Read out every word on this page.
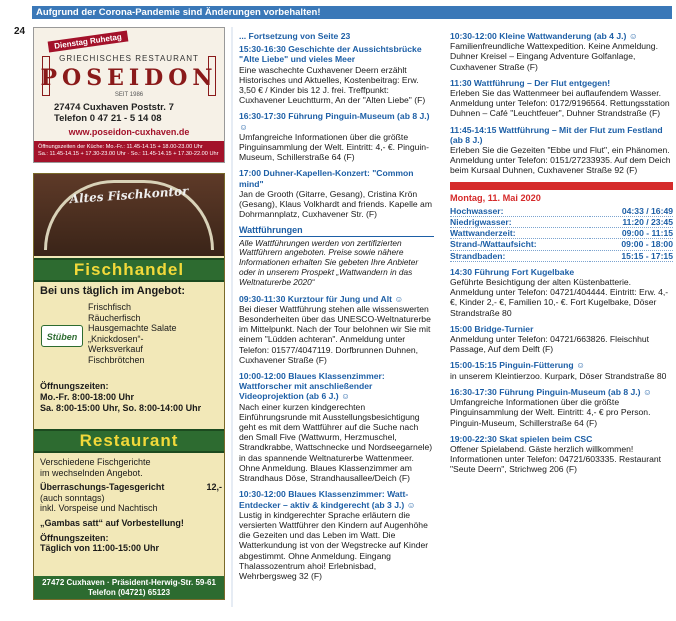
Aufgrund der Corona-Pandemie sind Änderungen vorbehalten!
24
Dienstag Ruhetag
GRIECHISCHES RESTAURANT
POSEIDON
SEIT 1986
27474 Cuxhaven Poststr. 7
Telefon 0 47 21 - 5 14 08
www.poseidon-cuxhaven.de
Öffnungszeiten der Küche: Mo.-Fr.: 11.45-14.15 + 18.00-23.00 Uhr
Sa.: 11.45-14.15 + 17.30-23.00 Uhr · So.: 11.45-14.15 + 17.30-22.00 Uhr
Altes Fischkontor
Fischhandel
Bei uns täglich im Angebot:
Stüben
Frischfisch
Räucherfisch
Hausgemachte Salate
„Knickdosen“-
Werksverkauf
Fischbrötchen
Öffnungszeiten:
Mo.-Fr. 8:00-18:00 Uhr
Sa. 8:00-15:00 Uhr, So. 8:00-14:00 Uhr
Restaurant
Verschiedene Fischgerichte
im wechselnden Angebot.
Überraschungs-Tagesgericht	12,-
(auch sonntags)
inkl. Vorspeise und Nachtisch
„Gambas satt“ auf Vorbestellung!
Öffnungszeiten:
Täglich von 11:00-15:00 Uhr
27472 Cuxhaven · Präsident-Herwig-Str. 59-61
Telefon (04721) 65123
... Fortsetzung von Seite 23
15:30-16:30 Geschichte der Aussichtsbrücke "Alte Liebe" und vieles Meer
Eine waschechte Cuxhavener Deern erzählt Historisches und Aktuelles, Kostenbeitrag: Erw. 3,50 € / Kinder bis 12 J. frei. Treffpunkt: Cuxhavener Leuchtturm, An der "Alten Liebe" (F)
16:30-17:30 Führung Pinguin-Museum (ab 8 J.) ☺
Umfangreiche Informationen über die größte Pinguinsammlung der Welt. Eintritt: 4,- €. Pinguin-Museum, Schillerstraße 64 (F)
17:00 Duhner-Kapellen-Konzert: "Common mind"
Jan de Grooth (Gitarre, Gesang), Cristina Krön (Gesang), Klaus Volkhardt and friends. Kapelle am Dohrmannplatz, Cuxhavener Str. (F)
Wattführungen
Alle Wattführungen werden von zertifizierten Wattführern angeboten. Preise sowie nähere Informationen erhalten Sie gebeten Ihre Anbieter oder in unserem Prospekt „Wattwandern in das Weltnaturerbe 2020“
09:30-11:30 Kurztour für Jung und Alt ☺
Bei dieser Wattführung stehen alle wissenswerten Besonderheiten über das UNESCO-Weltnaturerbe im Mittelpunkt. Nach der Tour belohnen wir Sie mit einem "Lüdden achteran". Anmeldung unter Telefon: 01577/4047119. Dorfbrunnen Duhnen, Cuxhavener Straße (F)
10:00-12:00 Blaues Klassenzimmer: Wattforscher mit anschließender Videoprojektion (ab 6 J.) ☺
Nach einer kurzen kindgerechten Einführungsrunde mit Ausstellungsbesichtigung geht es mit dem Wattführer auf die Suche nach den Small Five (Wattwurm, Herzmuschel, Strandkrabbe, Wattschnecke und Nordseegarnele) in das spannende Weltnaturerbe Wattenmeer. Ohne Anmeldung. Blaues Klassenzimmer am Strandhaus Döse, Strandhausallee/Deich (F)
10:30-12:00 Blaues Klassenzimmer: Watt-Entdecker – aktiv & kindgerecht (ab 3 J.) ☺
Lustig in kindgerechter Sprache erläutern die versierten Wattführer den Kindern auf Augenhöhe die Gezeiten und das Leben im Watt. Die Watterkundung ist von der Wegstrecke auf Kinder abgestimmt. Ohne Anmeldung. Eingang Thalassozentrum ahoi! Erlebnisbad, Wehrbergsweg 32 (F)
10:30-12:00 Kleine Wattwanderung (ab 4 J.) ☺
Familienfreundliche Wattexpedition. Keine Anmeldung. Duhner Kreisel – Eingang Adventure Golfanlage, Cuxhavener Straße (F)
11:30 Wattführung – Der Flut entgegen!
Erleben Sie das Wattenmeer bei auflaufendem Wasser. Anmeldung unter Telefon: 0172/9196564. Rettungsstation Duhnen – Café "Leuchtfeuer", Duhner Strandstraße (F)
11:45-14:15 Wattführung – Mit der Flut zum Festland (ab 8 J.)
Erleben Sie die Gezeiten "Ebbe und Flut", ein Phänomen. Anmeldung unter Telefon: 0151/27233935. Auf dem Deich beim Kursaal Duhnen, Cuxhavener Straße 92 (F)
Montag, 11. Mai 2020
Hochwasser:	04:33 / 16:49
Niedrigwasser:	11:20 / 23:45
Wattwanderzeit:	09:00 - 11:15
Strand-/Wattaufsicht:	09:00 - 18:00
Strandbaden:	15:15 - 17:15
14:30 Führung Fort Kugelbake
Geführte Besichtigung der alten Küstenbatterie. Anmeldung unter Telefon: 04721/404444. Eintritt: Erw. 4,- €, Kinder 2,- €, Familien 10,- €. Fort Kugelbake, Döser Strandstraße 80
15:00 Bridge-Turnier
Anmeldung unter Telefon: 04721/663826. Fleischhut Passage, Auf dem Delft (F)
15:00-15:15 Pinguin-Fütterung ☺
in unserem Kleintierzoo. Kurpark, Döser Strandstraße 80
16:30-17:30 Führung Pinguin-Museum (ab 8 J.) ☺
Umfangreiche Informationen über die größte Pinguinsammlung der Welt. Eintritt: 4,- € pro Person. Pinguin-Museum, Schillerstraße 64 (F)
19:00-22:30 Skat spielen beim CSC
Offener Spielabend. Gäste herzlich willkommen! Informationen unter Telefon: 04721/603335. Restaurant "Seute Deern", Strichweg 206 (F)
